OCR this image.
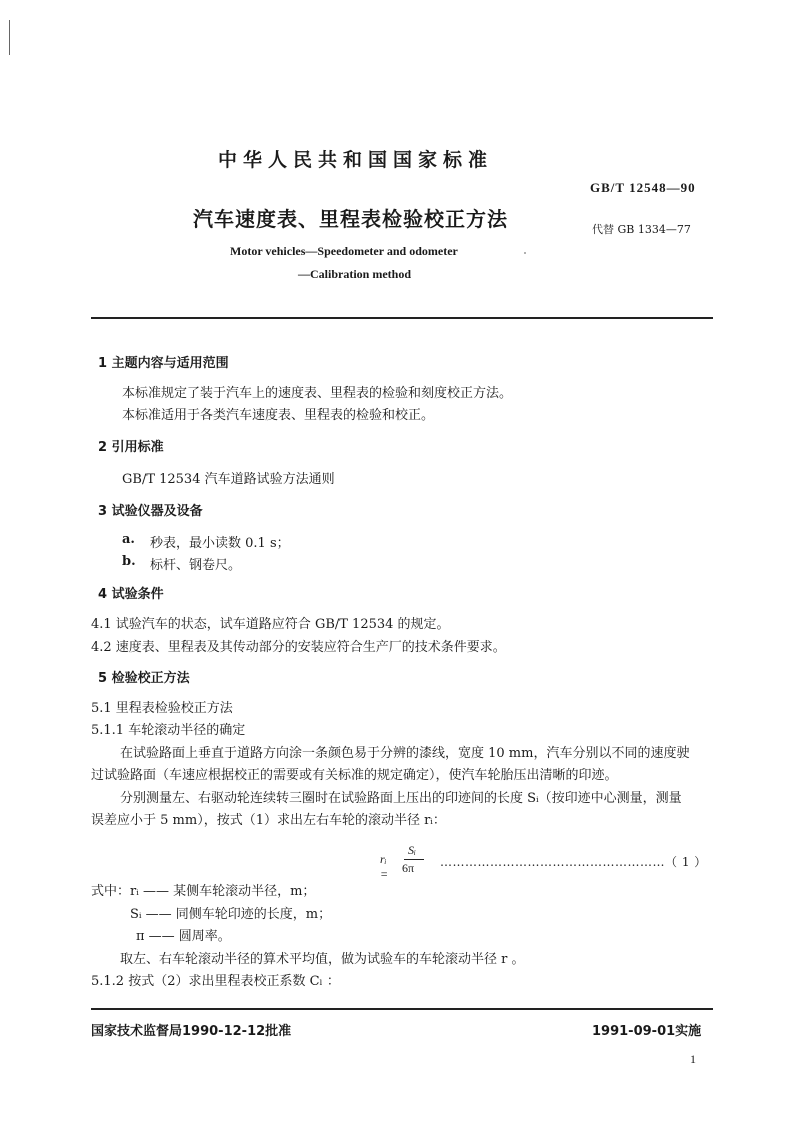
中华人民共和国国家标准
GB/T 12548—90
汽车速度表、里程表检验校正方法	代替 GB 1334—77
Motor vehicles—Speedometer and odometer
—Calibration method
1 主题内容与适用范围
本标准规定了装于汽车上的速度表、里程表的检验和刻度校正方法。
本标准适用于各类汽车速度表、里程表的检验和校正。
2 引用标准
GB/T 12534 汽车道路试验方法通则
3 试验仪器及设备
a. 秒表，最小读数 0.1 s；
b. 标杆、钢卷尺。
4 试验条件
4.1 试验汽车的状态，试车道路应符合 GB/T 12534 的规定。
4.2 速度表、里程表及其传动部分的安装应符合生产厂的技术条件要求。
5 检验校正方法
5.1 里程表检验校正方法
5.1.1 车轮滚动半径的确定
在试验路面上垂直于道路方向涂一条颜色易于分辨的漆线，宽度 10 mm，汽车分别以不同的速度驶
过试验路面（车速应根据校正的需要或有关标准的规定确定），使汽车轮胎压出清晰的印迹。
分别测量左、右驱动轮连续转三圈时在试验路面上压出的印迹间的长度 Sᵢ（按印迹中心测量，测量
误差应小于 5 mm），按式（1）求出左右车轮的滚动半径 rᵢ：
rᵢ =
Sᵢ
6π ………………………………………………（ 1 ）
式中：rᵢ —— 某侧车轮滚动半径，m；
Sᵢ —— 同侧车轮印迹的长度，m；
π —— 圆周率。
取左、右车轮滚动半径的算术平均值，做为试验车的车轮滚动半径 r 。
5.1.2 按式（2）求出里程表校正系数 Cₗ ：
国家技术监督局1990-12-12批准	1991-09-01实施
1
